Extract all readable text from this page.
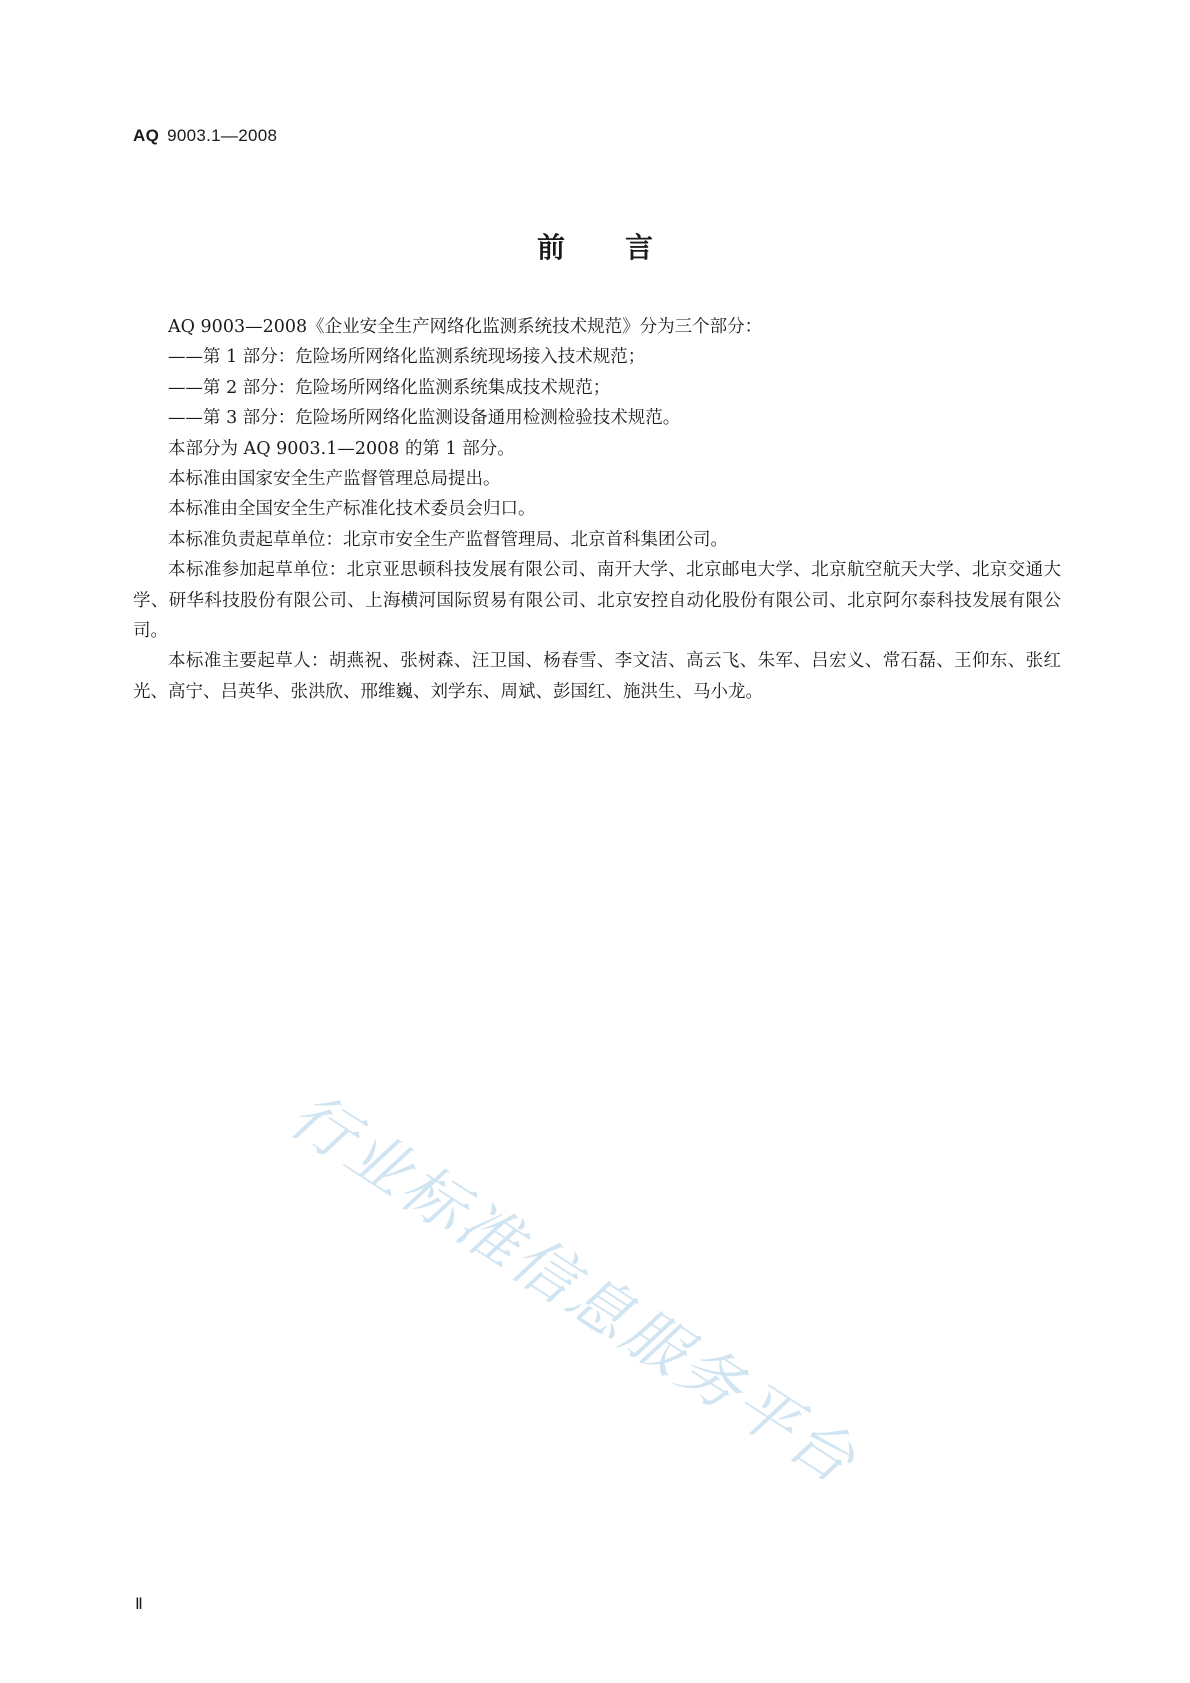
AQ 9003.1—2008
前言

AQ 9003—2008《企业安全生产网络化监测系统技术规范》分为三个部分：

——第 1 部分：危险场所网络化监测系统现场接入技术规范；

——第 2 部分：危险场所网络化监测系统集成技术规范；

——第 3 部分：危险场所网络化监测设备通用检测检验技术规范。

本部分为 AQ 9003.1—2008 的第 1 部分。

本标准由国家安全生产监督管理总局提出。

本标准由全国安全生产标准化技术委员会归口。

本标准负责起草单位：北京市安全生产监督管理局、北京首科集团公司。

本标准参加起草单位：北京亚思顿科技发展有限公司、南开大学、北京邮电大学、北京航空航天大学、北京交通大学、研华科技股份有限公司、上海横河国际贸易有限公司、北京安控自动化股份有限公司、北京阿尔泰科技发展有限公司。

本标准主要起草人：胡燕祝、张树森、汪卫国、杨春雪、李文洁、高云飞、朱军、吕宏义、常石磊、王仰东、张红光、高宁、吕英华、张洪欣、邢维巍、刘学东、周斌、彭国红、施洪生、马小龙。

行业标准信息服务平台
Ⅱ
